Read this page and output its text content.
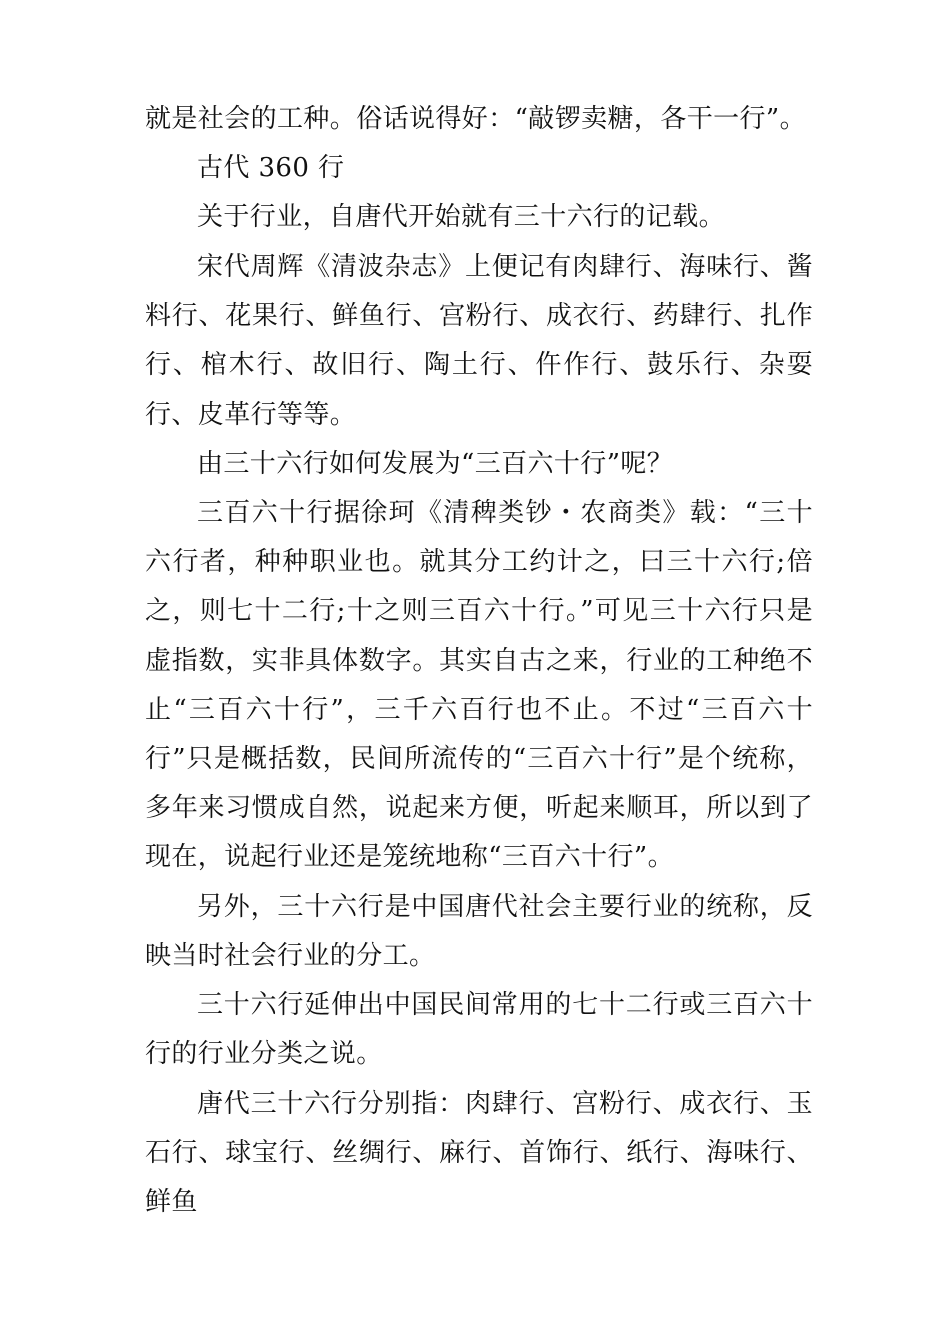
就是社会的工种。俗话说得好：“敲锣卖糖，各干一行”。

古代 360 行

关于行业，自唐代开始就有三十六行的记载。

宋代周辉《清波杂志》上便记有肉肆行、海味行、酱料行、花果行、鲜鱼行、宫粉行、成衣行、药肆行、扎作行、棺木行、故旧行、陶土行、仵作行、鼓乐行、杂耍行、皮革行等等。

由三十六行如何发展为“三百六十行”呢？

三百六十行据徐珂《清稗类钞・农商类》载：“三十六行者，种种职业也。就其分工约计之，曰三十六行;倍之，则七十二行;十之则三百六十行。”可见三十六行只是虚指数，实非具体数字。其实自古之来，行业的工种绝不止“三百六十行”，三千六百行也不止。不过“三百六十行”只是概括数，民间所流传的“三百六十行”是个统称，多年来习惯成自然，说起来方便，听起来顺耳，所以到了现在，说起行业还是笼统地称“三百六十行”。

另外，三十六行是中国唐代社会主要行业的统称，反映当时社会行业的分工。

三十六行延伸出中国民间常用的七十二行或三百六十行的行业分类之说。

唐代三十六行分别指：肉肆行、宫粉行、成衣行、玉石行、球宝行、丝绸行、麻行、首饰行、纸行、海味行、鲜鱼
